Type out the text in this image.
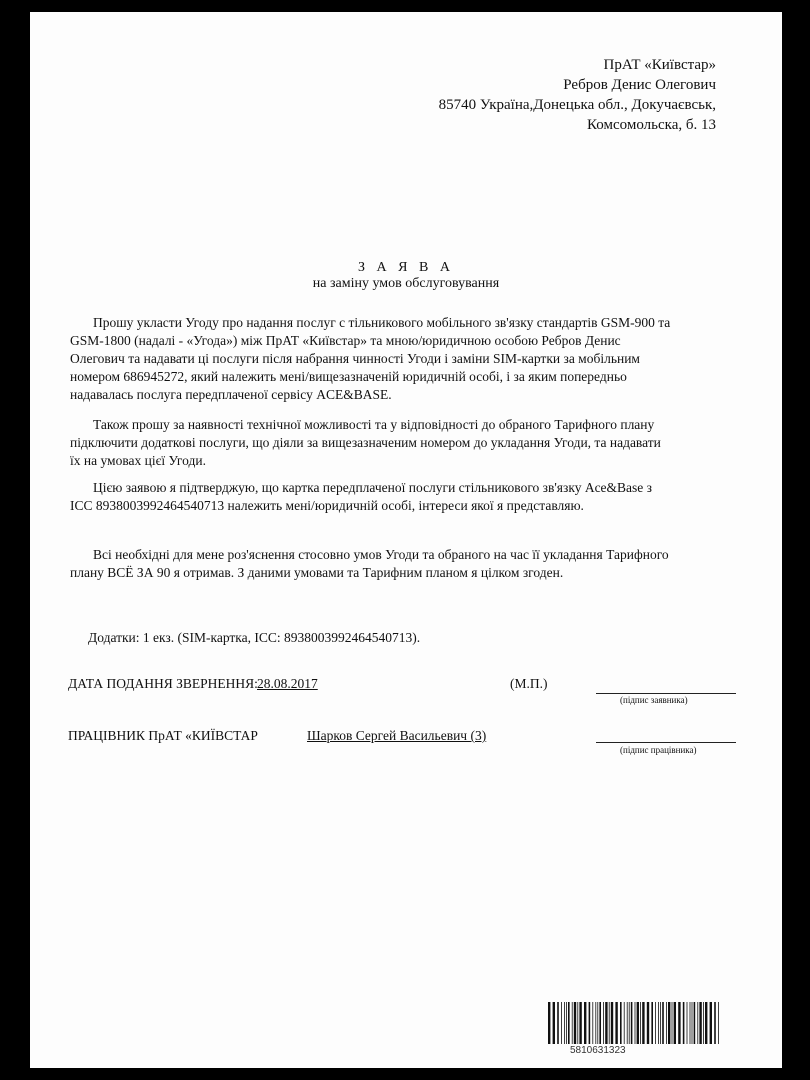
ПрАТ «Київстар»
Ребров Денис Олегович
85740 Україна,Донецька обл., Докучаєвськ,
Комсомольска, б. 13
З А Я В А
на заміну умов обслуговування
Прошу укласти Угоду про надання послуг с тільникового мобільного зв'язку стандартів GSM-900 та
GSM-1800 (надалі - «Угода») між ПрАТ «Київстар» та мною/юридичною особою Ребров Денис
Олегович та надавати ці послуги після набрання чинності Угоди і заміни SIM-картки за мобільним
номером 686945272, який належить мені/вищезазначеній юридичній особі, і за яким попередньо
надавалась послуга передплаченої сервісу ACE&BASE.
Також прошу за наявності технічної можливості та у відповідності до обраного Тарифного плану
підключити додаткові послуги, що діяли за вищезазначеним номером до укладання Угоди, та надавати
їх на умовах цієї Угоди.
Цією заявою я підтверджую, що картка передплаченої послуги стільникового зв'язку Ace&Base з
ICC 8938003992464540713 належить мені/юридичній особі, інтереси якої я представляю.
Всі необхідні для мене роз'яснення стосовно умов Угоди та обраного на час її укладання Тарифного
плану ВСЁ ЗА 90 я отримав. З даними умовами та Тарифним планом я цілком згоден.
Додатки: 1 екз. (SIM-картка, ICC: 8938003992464540713).
ДАТА ПОДАННЯ ЗВЕРНЕННЯ: 28.08.2017	(М.П.)
(підпис заявника)
ПРАЦІВНИК ПрАТ «КИЇВСТАР	Шарков Сергей Васильевич (3)
(підпис працівника)
5810631323
